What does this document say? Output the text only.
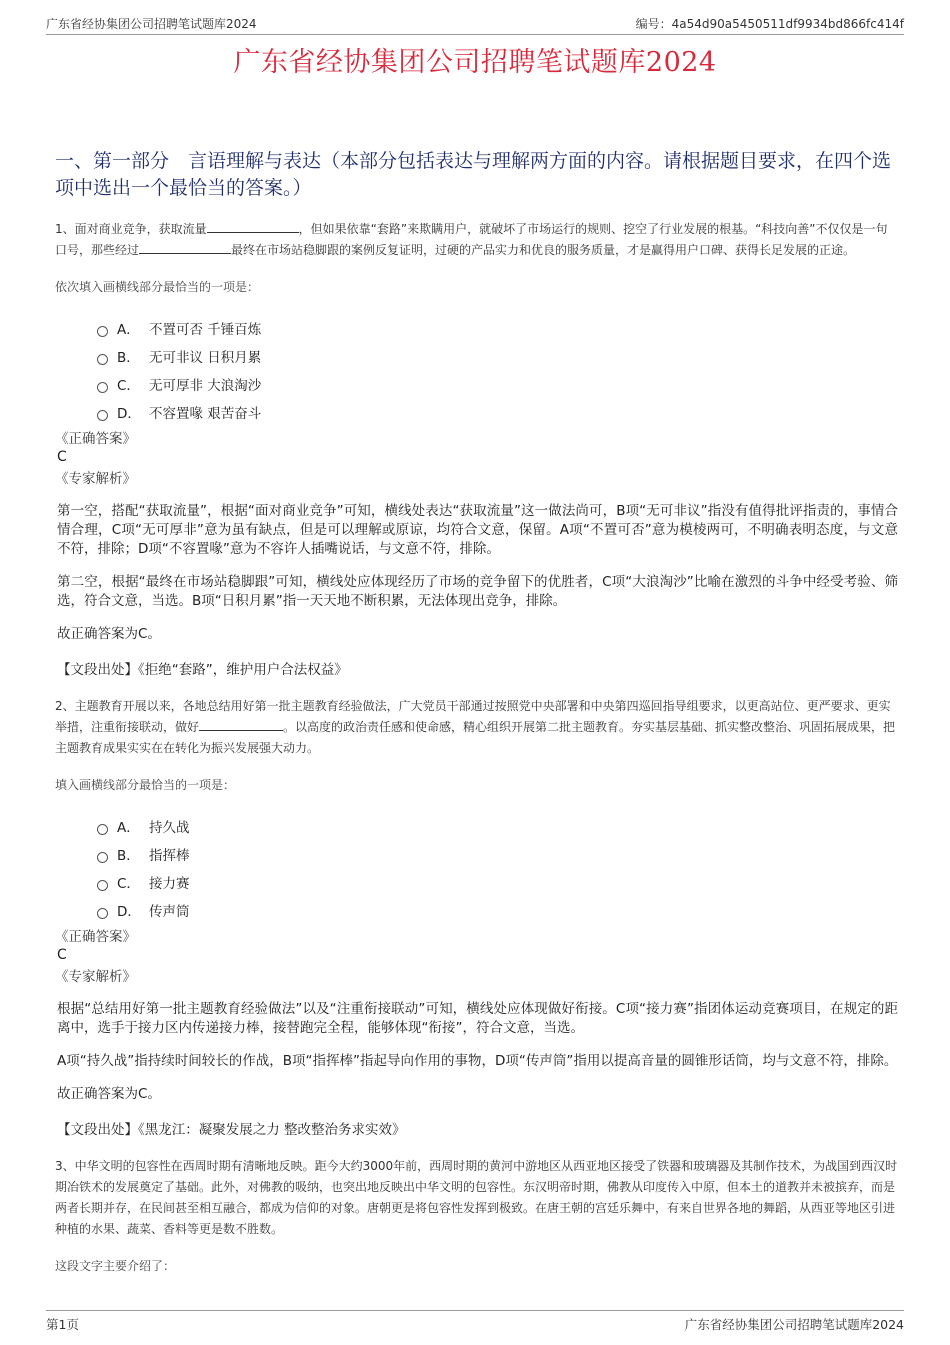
广东省经协集团公司招聘笔试题库2024	编号：4a54d90a5450511df9934bd866fc414f
广东省经协集团公司招聘笔试题库2024
一、第一部分　言语理解与表达（本部分包括表达与理解两方面的内容。请根据题目要求，在四个选项中选出一个最恰当的答案。）

1、面对商业竞争，获取流量	，但如果依靠“套路”来欺瞒用户，就破坏了市场运行的规则、挖空了行业发展的根基。“科技向善”不仅仅是一句口号，那些经过	最终在市场站稳脚跟的案例反复证明，过硬的产品实力和优良的服务质量，才是赢得用户口碑、获得长足发展的正途。

依次填入画横线部分最恰当的一项是：
A． 不置可否 千锤百炼
B． 无可非议 日积月累
C． 无可厚非 大浪淘沙
D． 不容置喙 艰苦奋斗
《正确答案》
C
《专家解析》

第一空，搭配“获取流量”，根据“面对商业竞争”可知，横线处表达“获取流量”这一做法尚可，B项“无可非议”指没有值得批评指责的，事情合情合理，C项“无可厚非”意为虽有缺点，但是可以理解或原谅，均符合文意，保留。A项“不置可否”意为模棱两可，不明确表明态度，与文意不符，排除；D项“不容置喙”意为不容许人插嘴说话，与文意不符，排除。

第二空，根据“最终在市场站稳脚跟”可知，横线处应体现经历了市场的竞争留下的优胜者，C项“大浪淘沙”比喻在激烈的斗争中经受考验、筛选，符合文意，当选。B项“日积月累”指一天天地不断积累，无法体现出竞争，排除。

故正确答案为C。

【文段出处】《拒绝“套路”，维护用户合法权益》

2、主题教育开展以来，各地总结用好第一批主题教育经验做法，广大党员干部通过按照党中央部署和中央第四巡回指导组要求，以更高站位、更严要求、更实举措，注重衔接联动，做好	。以高度的政治责任感和使命感，精心组织开展第二批主题教育。夯实基层基础、抓实整改整治、巩固拓展成果，把主题教育成果实实在在转化为振兴发展强大动力。

填入画横线部分最恰当的一项是：
A． 持久战
B． 指挥棒
C． 接力赛
D． 传声筒
《正确答案》
C
《专家解析》

根据“总结用好第一批主题教育经验做法”以及“注重衔接联动”可知，横线处应体现做好衔接。C项“接力赛”指团体运动竞赛项目，在规定的距离中，选手于接力区内传递接力棒，接替跑完全程，能够体现“衔接”，符合文意，当选。

A项“持久战”指持续时间较长的作战，B项“指挥棒”指起导向作用的事物，D项“传声筒”指用以提高音量的圆锥形话筒，均与文意不符，排除。

故正确答案为C。

【文段出处】《黑龙江：凝聚发展之力 整改整治务求实效》

3、中华文明的包容性在西周时期有清晰地反映。距今大约3000年前，西周时期的黄河中游地区从西亚地区接受了铁器和玻璃器及其制作技术，为战国到西汉时期冶铁术的发展奠定了基础。此外，对佛教的吸纳，也突出地反映出中华文明的包容性。东汉明帝时期，佛教从印度传入中原，但本土的道教并未被摈弃，而是两者长期并存，在民间甚至相互融合，都成为信仰的对象。唐朝更是将包容性发挥到极致。在唐王朝的宫廷乐舞中，有来自世界各地的舞蹈，从西亚等地区引进种植的水果、蔬菜、香料等更是数不胜数。

这段文字主要介绍了：
第1页	广东省经协集团公司招聘笔试题库2024
